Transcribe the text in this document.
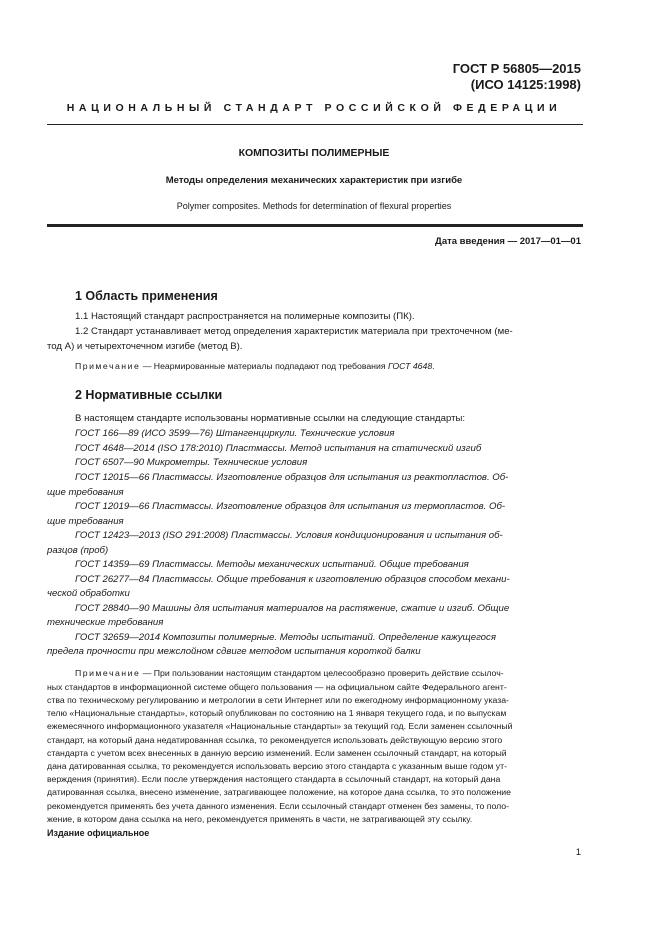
ГОСТ Р 56805—2015
(ИСО 14125:1998)
НАЦИОНАЛЬНЫЙ СТАНДАРТ РОССИЙСКОЙ ФЕДЕРАЦИИ
КОМПОЗИТЫ ПОЛИМЕРНЫЕ
Методы определения механических характеристик при изгибе
Polymer composites. Methods for determination of flexural properties
Дата введения — 2017—01—01
1 Область применения
1.1 Настоящий стандарт распространяется на полимерные композиты (ПК).
1.2 Стандарт устанавливает метод определения характеристик материала при трехточечном (ме-
тод А) и четырехточечном изгибе (метод В).
Примечание — Неармированные материалы подпадают под требования ГОСТ 4648.
2 Нормативные ссылки
В настоящем стандарте использованы нормативные ссылки на следующие стандарты:
ГОСТ 166—89 (ИСО 3599—76) Штангенциркули. Технические условия
ГОСТ 4648—2014 (ISO 178:2010) Пластмассы. Метод испытания на статический изгиб
ГОСТ 6507—90 Микрометры. Технические условия
ГОСТ 12015—66 Пластмассы. Изготовление образцов для испытания из реактопластов. Об-
щие требования
ГОСТ 12019—66 Пластмассы. Изготовление образцов для испытания из термопластов. Об-
щие требования
ГОСТ 12423—2013 (ISO 291:2008) Пластмассы. Условия кондиционирования и испытания об-
разцов (проб)
ГОСТ 14359—69 Пластмассы. Методы механических испытаний. Общие требования
ГОСТ 26277—84 Пластмассы. Общие требования к изготовлению образцов способом механи-
ческой обработки
ГОСТ 28840—90 Машины для испытания материалов на растяжение, сжатие и изгиб. Общие
технические требования
ГОСТ 32659—2014 Композиты полимерные. Методы испытаний. Определение кажущегося
предела прочности при межслойном сдвиге методом испытания короткой балки
Примечание — При пользовании настоящим стандартом целесообразно проверить действие ссылоч-
ных стандартов в информационной системе общего пользования — на официальном сайте Федерального агент-
ства по техническому регулированию и метрологии в сети Интернет или по ежегодному информационному указа-
телю «Национальные стандарты», который опубликован по состоянию на 1 января текущего года, и по выпускам
ежемесячного информационного указателя «Национальные стандарты» за текущий год. Если заменен ссылочный
стандарт, на который дана недатированная ссылка, то рекомендуется использовать действующую версию этого
стандарта с учетом всех внесенных в данную версию изменений. Если заменен ссылочный стандарт, на который
дана датированная ссылка, то рекомендуется использовать версию этого стандарта с указанным выше годом ут-
верждения (принятия). Если после утверждения настоящего стандарта в ссылочный стандарт, на который дана
датированная ссылка, внесено изменение, затрагивающее положение, на которое дана ссылка, то это положение
рекомендуется применять без учета данного изменения. Если ссылочный стандарт отменен без замены, то поло-
жение, в котором дана ссылка на него, рекомендуется применять в части, не затрагивающей эту ссылку.
Издание официальное
1
